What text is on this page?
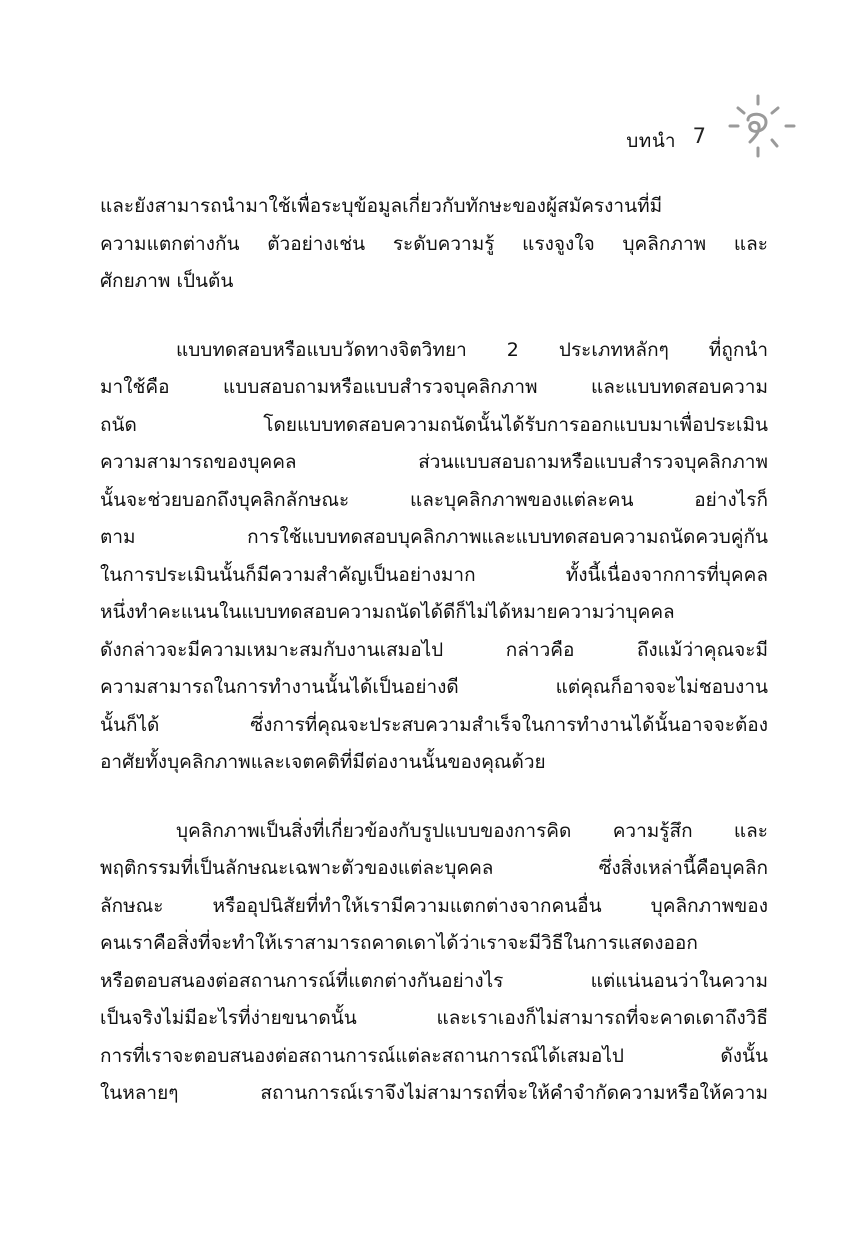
บทนำ 7
และยังสามารถนำมาใช้เพื่อระบุข้อมูลเกี่ยวกับทักษะของผู้สมัครงานที่มี
ความแตกต่างกัน ตัวอย่างเช่น ระดับความรู้ แรงจูงใจ บุคลิกภาพ และ
ศักยภาพ เป็นต้น
แบบทดสอบหรือแบบวัดทางจิตวิทยา 2 ประเภทหลักๆ ที่ถูกนำ
มาใช้คือ แบบสอบถามหรือแบบสำรวจบุคลิกภาพ และแบบทดสอบความ
ถนัด โดยแบบทดสอบความถนัดนั้นได้รับการออกแบบมาเพื่อประเมิน
ความสามารถของบุคคล ส่วนแบบสอบถามหรือแบบสำรวจบุคลิกภาพ
นั้นจะช่วยบอกถึงบุคลิกลักษณะ และบุคลิกภาพของแต่ละคน อย่างไรก็
ตาม การใช้แบบทดสอบบุคลิกภาพและแบบทดสอบความถนัดควบคู่กัน
ในการประเมินนั้นก็มีความสำคัญเป็นอย่างมาก ทั้งนี้เนื่องจากการที่บุคคล
หนึ่งทำคะแนนในแบบทดสอบความถนัดได้ดีก็ไม่ได้หมายความว่าบุคคล
ดังกล่าวจะมีความเหมาะสมกับงานเสมอไป กล่าวคือ ถึงแม้ว่าคุณจะมี
ความสามารถในการทำงานนั้นได้เป็นอย่างดี แต่คุณก็อาจจะไม่ชอบงาน
นั้นก็ได้ ซึ่งการที่คุณจะประสบความสำเร็จในการทำงานได้นั้นอาจจะต้อง
อาศัยทั้งบุคลิกภาพและเจตคติที่มีต่องานนั้นของคุณด้วย
บุคลิกภาพเป็นสิ่งที่เกี่ยวข้องกับรูปแบบของการคิด ความรู้สึก และ
พฤติกรรมที่เป็นลักษณะเฉพาะตัวของแต่ละบุคคล ซึ่งสิ่งเหล่านี้คือบุคลิก
ลักษณะ หรืออุปนิสัยที่ทำให้เรามีความแตกต่างจากคนอื่น บุคลิกภาพของ
คนเราคือสิ่งที่จะทำให้เราสามารถคาดเดาได้ว่าเราจะมีวิธีในการแสดงออก
หรือตอบสนองต่อสถานการณ์ที่แตกต่างกันอย่างไร แต่แน่นอนว่าในความ
เป็นจริงไม่มีอะไรที่ง่ายขนาดนั้น และเราเองก็ไม่สามารถที่จะคาดเดาถึงวิธี
การที่เราจะตอบสนองต่อสถานการณ์แต่ละสถานการณ์ได้เสมอไป ดังนั้น
ในหลายๆ สถานการณ์เราจึงไม่สามารถที่จะให้คำจำกัดความหรือให้ความ
